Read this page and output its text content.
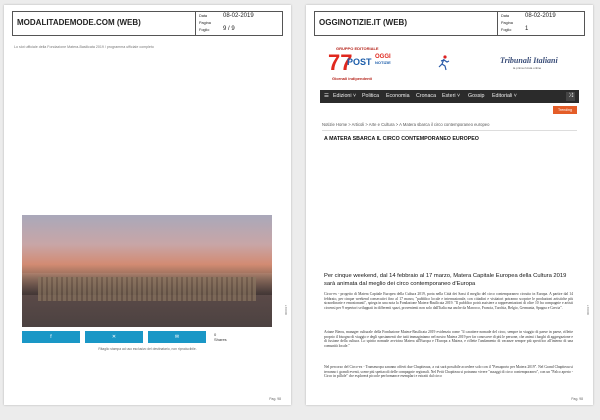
MODALITADEMODE.COM (WEB)
Data	08-02-2019
Pagina
Foglio 9 / 9
Lo slot ufficiale della Fondazione Matera-Basilicata 2019 / programma ufficiale completo
f	✕	✉	0
Shares
Ritaglio stampa ad uso esclusivo del destinatario, non riproducibile.
000017
Pag. 98
OGGINOTIZIE.IT (WEB)
Data	08-02-2019
Pagina
Foglio 1
GRUPPO EDITORIALE
77
POST OGGI
NOTIZIE
Giornali indipendenti
Tribunali Italiani
la prima rivista online
☰ Edizioni ˅ Politica Economia Cronaca Esteri ˅ Gossip Editoriali ˅	⤨
Trending
Notizie Home > Articoli > Arte e Cultura > A Matera sbarca il circo contemporaneo europeo
A MATERA SBARCA IL CIRCO CONTEMPORANEO EUROPEO
Per cinque weekend, dal 14 febbraio al 17 marzo, Matera Capitale Europea della Cultura 2019 sarà animata dal meglio dei circo contemporaneo d'Europa
Circo-ex - progetto di Matera Capitale Europea della Cultura 2019, porta nella Città dei Sassi il meglio del circo contemporaneo circuito in Europa. A partire dal 14 febbraio, per cinque weekend consecutivi fino al 17 marzo, "pubblico locale e internazionale, con cittadini e visitatori potranno scoprire le produzioni artistiche più straordinarie e emozionanti", spiega in una nota la Fondazione Matera-Basilicata 2019. "Il pubblico potrà assistere a rappresentazioni di oltre 10 fra compagnie e artisti circensi per 9 repertori sviluppati in differenti spazi, provenienti non solo dall'Italia ma anche da Marocco, Francia, Turchia, Belgio, Germania, Spagna e Grecia".
Ariane Bieou, manager culturale della Fondazione Matera-Basilicata 2019 evidenzia come "il carattere nomade del circo, sempre in viaggio di paese in paese, riflette proprio il bisogno di viaggio e degli spostamenti che tutti immaginiamo nel nostro Matera 2019 per far conoscere di più le persone, che animi i luoghi di aggregazione e di fusione della cultura. Lo spirito nomade avvicina Matera all'Europa e l'Europa a Matera, e riflette l'andamento di vacanze sempre più specifico all'interno di una comunità locale."
Nel percorso del Circo-ex - Transeuropa saranno offerti due Chapiteaux, a cui sarà possibile accedere solo con il "Passaporto per Matera 2019". Nel Grand Chapiteau si terranno i grandi eventi, scene più spettacoli delle compagnie regionali. Nel Petit Chapiteau si potranno vivere "assaggi di circo contemporaneo", con un "Palco aperto - Circo in pillole" che esplorerà piccole performance esemplari e estratti dal circo
000017
Pag. 98
